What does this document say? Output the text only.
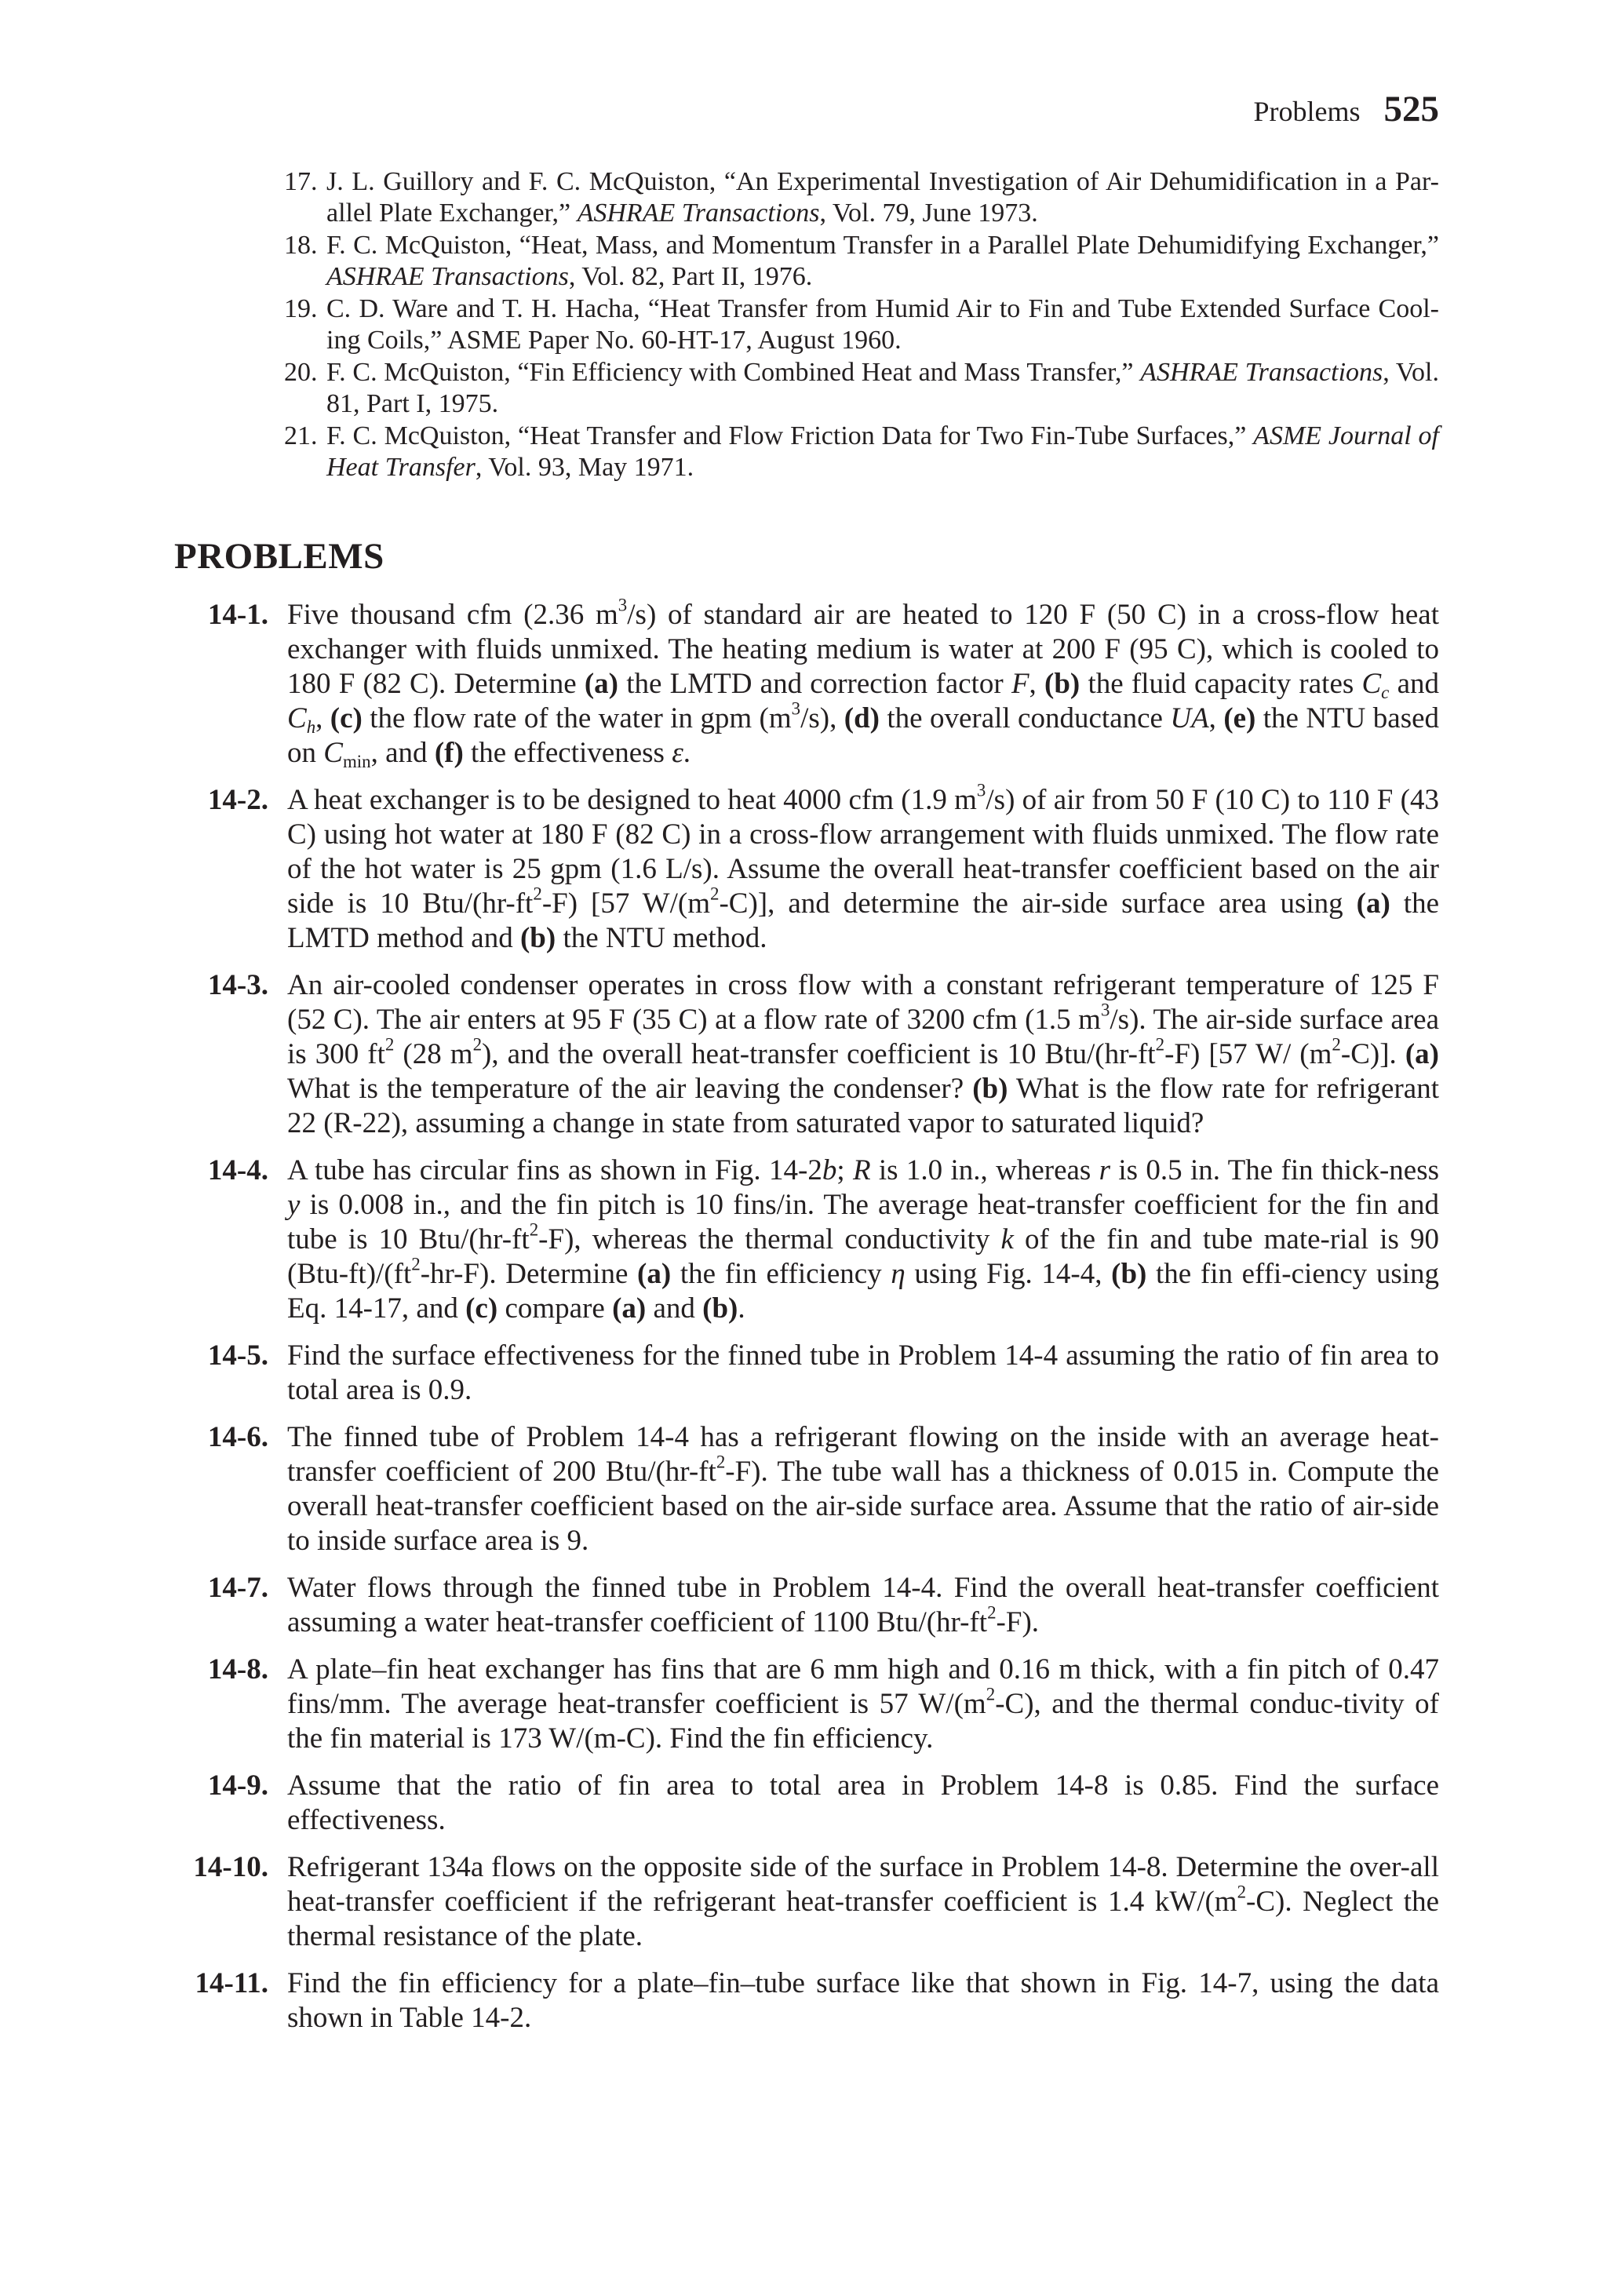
Problems 525
17. J. L. Guillory and F. C. McQuiston, “An Experimental Investigation of Air Dehumidification in a Par-allel Plate Exchanger,” ASHRAE Transactions, Vol. 79, June 1973.
18. F. C. McQuiston, “Heat, Mass, and Momentum Transfer in a Parallel Plate Dehumidifying Exchanger,” ASHRAE Transactions, Vol. 82, Part II, 1976.
19. C. D. Ware and T. H. Hacha, “Heat Transfer from Humid Air to Fin and Tube Extended Surface Cool-ing Coils,” ASME Paper No. 60-HT-17, August 1960.
20. F. C. McQuiston, “Fin Efficiency with Combined Heat and Mass Transfer,” ASHRAE Transactions, Vol. 81, Part I, 1975.
21. F. C. McQuiston, “Heat Transfer and Flow Friction Data for Two Fin-Tube Surfaces,” ASME Journal of Heat Transfer, Vol. 93, May 1971.
PROBLEMS
14-1. Five thousand cfm (2.36 $m^3/s$) of standard air are heated to 120 F (50 C) in a cross-flow heat exchanger with fluids unmixed. The heating medium is water at 200 F (95 C), which is cooled to 180 F (82 C). Determine (a) the LMTD and correction factor F, (b) the fluid capacity rates $C_c$ and $C_h$, (c) the flow rate of the water in gpm $(m^3/s)$, (d) the overall conductance UA, (e) the NTU based on $C_{min}$, and (f) the effectiveness ε.
14-2. A heat exchanger is to be designed to heat 4000 cfm (1.9 $m^3/s$) of air from 50 F (10 C) to 110 F (43 C) using hot water at 180 F (82 C) in a cross-flow arrangement with fluids unmixed. The flow rate of the hot water is 25 gpm (1.6 L/s). Assume the overall heat-transfer coefficient based on the air side is 10 Btu/$(hr-ft^2-F)$ [57 $W/(m^2-C)$], and determine the air-side surface area using (a) the LMTD method and (b) the NTU method.
14-3. An air-cooled condenser operates in cross flow with a constant refrigerant temperature of 125 F (52 C). The air enters at 95 F (35 C) at a flow rate of 3200 cfm (1.5 $m^3/s$). The air-side surface area is 300 $ft^2$ (28 $m^2$), and the overall heat-transfer coefficient is 10 Btu/$(hr-ft^2-F)$ [57 W/ $(m^2-C)$]. (a) What is the temperature of the air leaving the condenser? (b) What is the flow rate for refrigerant 22 (R-22), assuming a change in state from saturated vapor to saturated liquid?
14-4. A tube has circular fins as shown in Fig. 14-2b; R is 1.0 in., whereas r is 0.5 in. The fin thick-ness y is 0.008 in., and the fin pitch is 10 fins/in. The average heat-transfer coefficient for the fin and tube is 10 Btu/$(hr-ft^2-F)$, whereas the thermal conductivity k of the fin and tube mate-rial is 90 $(Btu-ft)/(ft^2-hr-F)$. Determine (a) the fin efficiency η using Fig. 14-4, (b) the fin effi-ciency using Eq. 14-17, and (c) compare (a) and (b).
14-5. Find the surface effectiveness for the finned tube in Problem 14-4 assuming the ratio of fin area to total area is 0.9.
14-6. The finned tube of Problem 14-4 has a refrigerant flowing on the inside with an average heat-transfer coefficient of 200 Btu/$(hr-ft^2-F)$. The tube wall has a thickness of 0.015 in. Compute the overall heat-transfer coefficient based on the air-side surface area. Assume that the ratio of air-side to inside surface area is 9.
14-7. Water flows through the finned tube in Problem 14-4. Find the overall heat-transfer coefficient assuming a water heat-transfer coefficient of 1100 Btu/$(hr-ft^2-F)$.
14-8. A plate–fin heat exchanger has fins that are 6 mm high and 0.16 m thick, with a fin pitch of 0.47 fins/mm. The average heat-transfer coefficient is 57 $W/(m^2-C)$, and the thermal conduc-tivity of the fin material is 173 W/(m-C). Find the fin efficiency.
14-9. Assume that the ratio of fin area to total area in Problem 14-8 is 0.85. Find the surface effectiveness.
14-10. Refrigerant 134a flows on the opposite side of the surface in Problem 14-8. Determine the over-all heat-transfer coefficient if the refrigerant heat-transfer coefficient is 1.4 $kW/(m^2-C)$. Neglect the thermal resistance of the plate.
14-11. Find the fin efficiency for a plate–fin–tube surface like that shown in Fig. 14-7, using the data shown in Table 14-2.
